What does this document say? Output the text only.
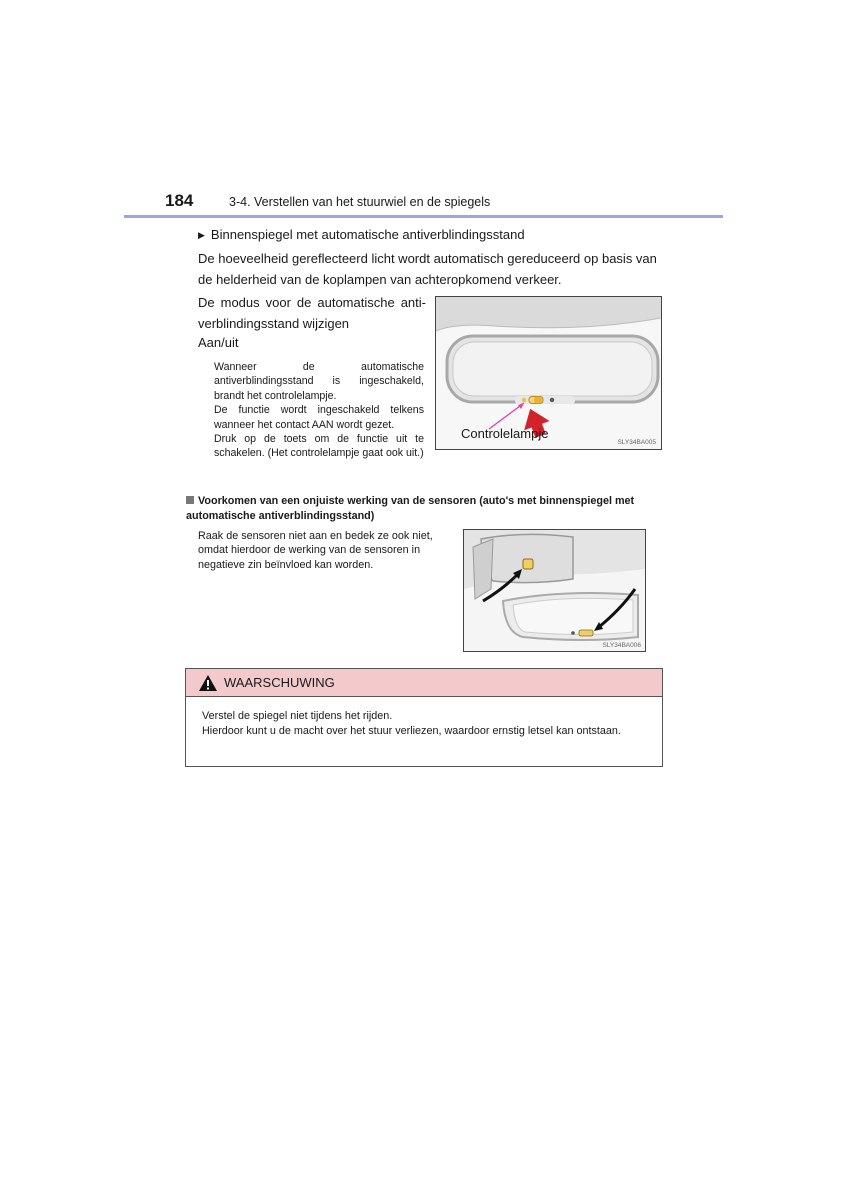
184	3-4. Verstellen van het stuurwiel en de spiegels
▶ Binnenspiegel met automatische antiverblindingsstand
De hoeveelheid gereflecteerd licht wordt automatisch gereduceerd op basis van de helderheid van de koplampen van achteropkomend verkeer.
De modus voor de automatische anti-verblindingsstand wijzigen
Aan/uit

Wanneer de automatische antiverblindingsstand is ingeschakeld, brandt het controlelampje.

De functie wordt ingeschakeld telkens wanneer het contact AAN wordt gezet.

Druk op de toets om de functie uit te schakelen. (Het controlelampje gaat ook uit.)

Controlelampje
SLY34BA005
Voorkomen van een onjuiste werking van de sensoren (auto's met binnenspiegel met automatische antiverblindingsstand)
Raak de sensoren niet aan en bedek ze ook niet, omdat hierdoor de werking van de sensoren in negatieve zin beïnvloed kan worden.
SLY34BA006
WAARSCHUWING

Verstel de spiegel niet tijdens het rijden.

Hierdoor kunt u de macht over het stuur verliezen, waardoor ernstig letsel kan ontstaan.
